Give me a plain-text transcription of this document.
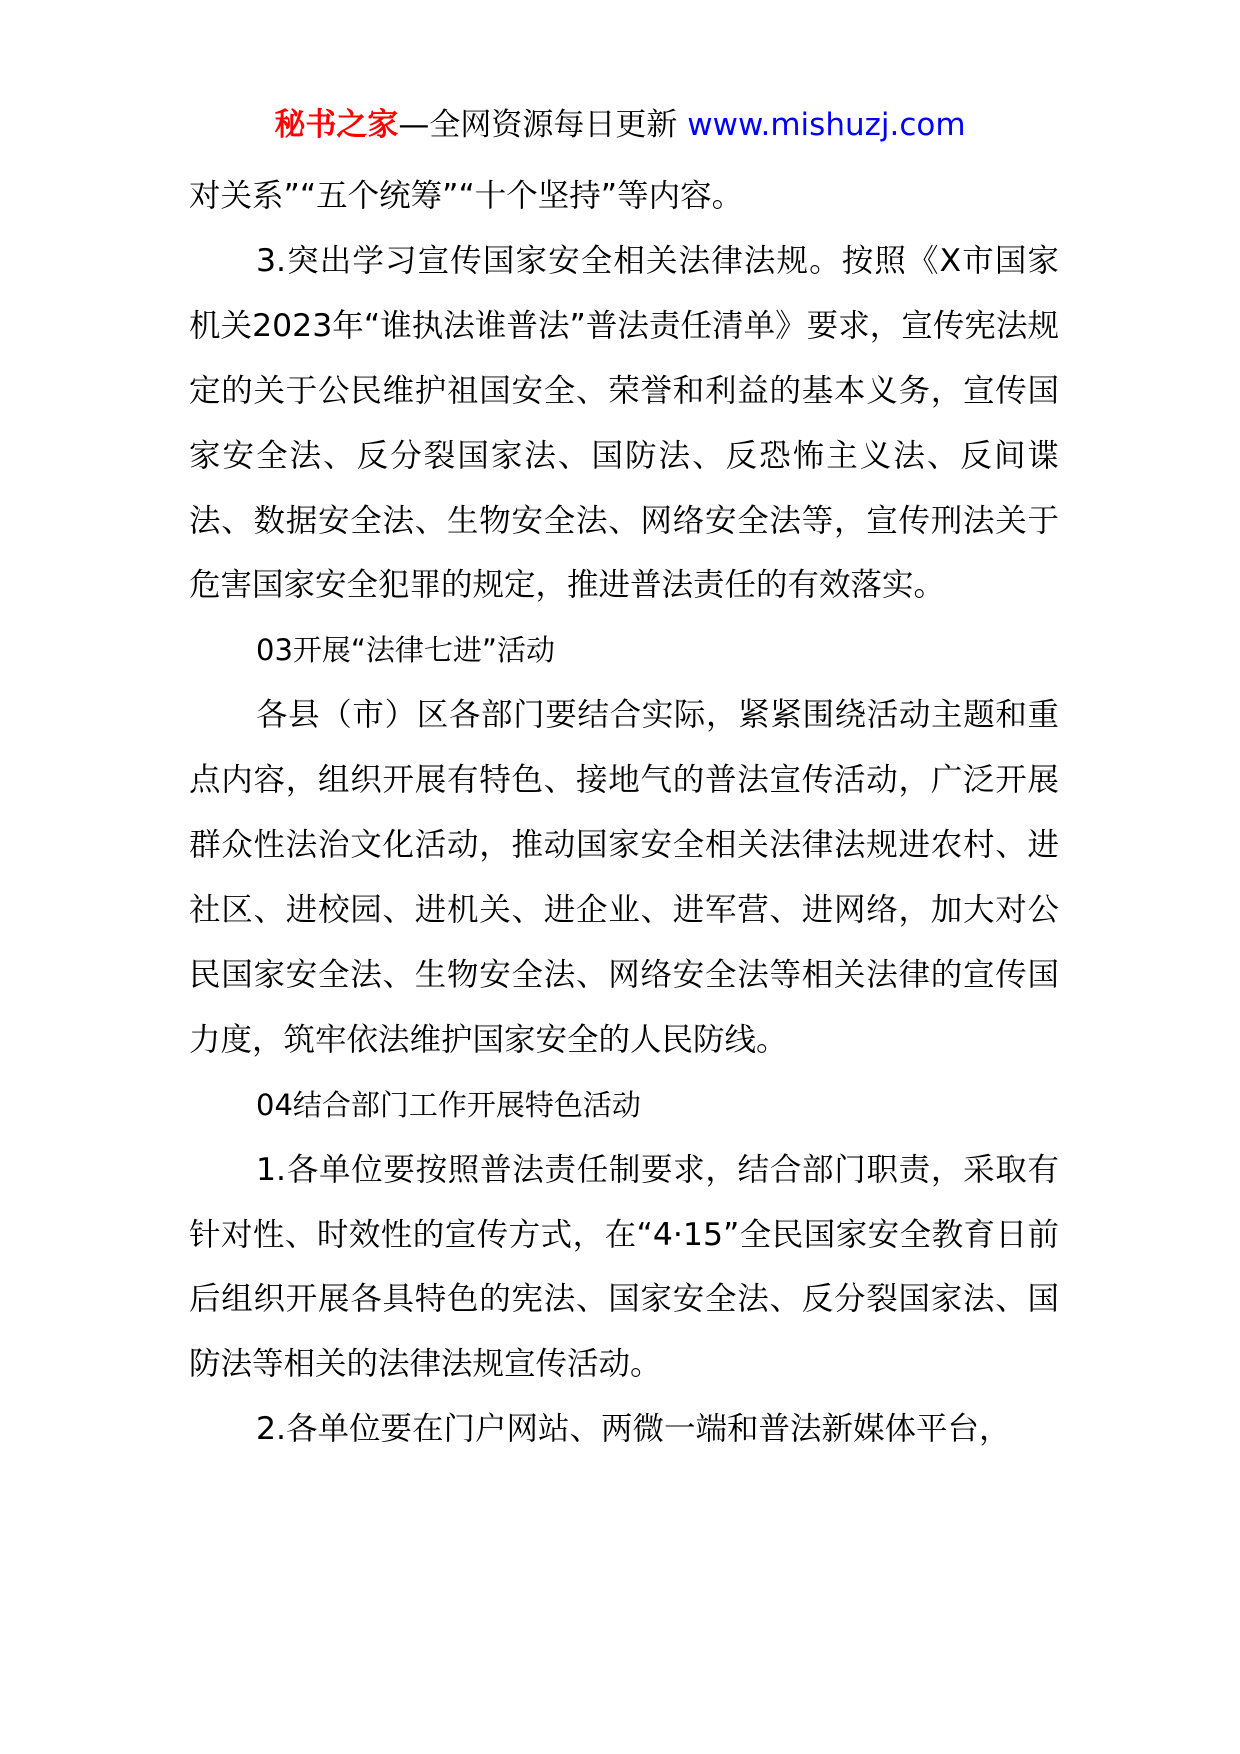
秘书之家—全网资源每日更新 www.mishuzj.com

对关系”“五个统筹”“十个坚持”等内容。

3.突出学习宣传国家安全相关法律法规。按照《X市国家机关2023年“谁执法谁普法”普法责任清单》要求，宣传宪法规定的关于公民维护祖国安全、荣誉和利益的基本义务，宣传国家安全法、反分裂国家法、国防法、反恐怖主义法、反间谍法、数据安全法、生物安全法、网络安全法等，宣传刑法关于危害国家安全犯罪的规定，推进普法责任的有效落实。

03开展“法律七进”活动

各县（市）区各部门要结合实际，紧紧围绕活动主题和重点内容，组织开展有特色、接地气的普法宣传活动，广泛开展群众性法治文化活动，推动国家安全相关法律法规进农村、进社区、进校园、进机关、进企业、进军营、进网络，加大对公民国家安全法、生物安全法、网络安全法等相关法律的宣传国力度，筑牢依法维护国家安全的人民防线。

04结合部门工作开展特色活动

1.各单位要按照普法责任制要求，结合部门职责，采取有针对性、时效性的宣传方式，在“4·15”全民国家安全教育日前后组织开展各具特色的宪法、国家安全法、反分裂国家法、国防法等相关的法律法规宣传活动。

2.各单位要在门户网站、两微一端和普法新媒体平台，
